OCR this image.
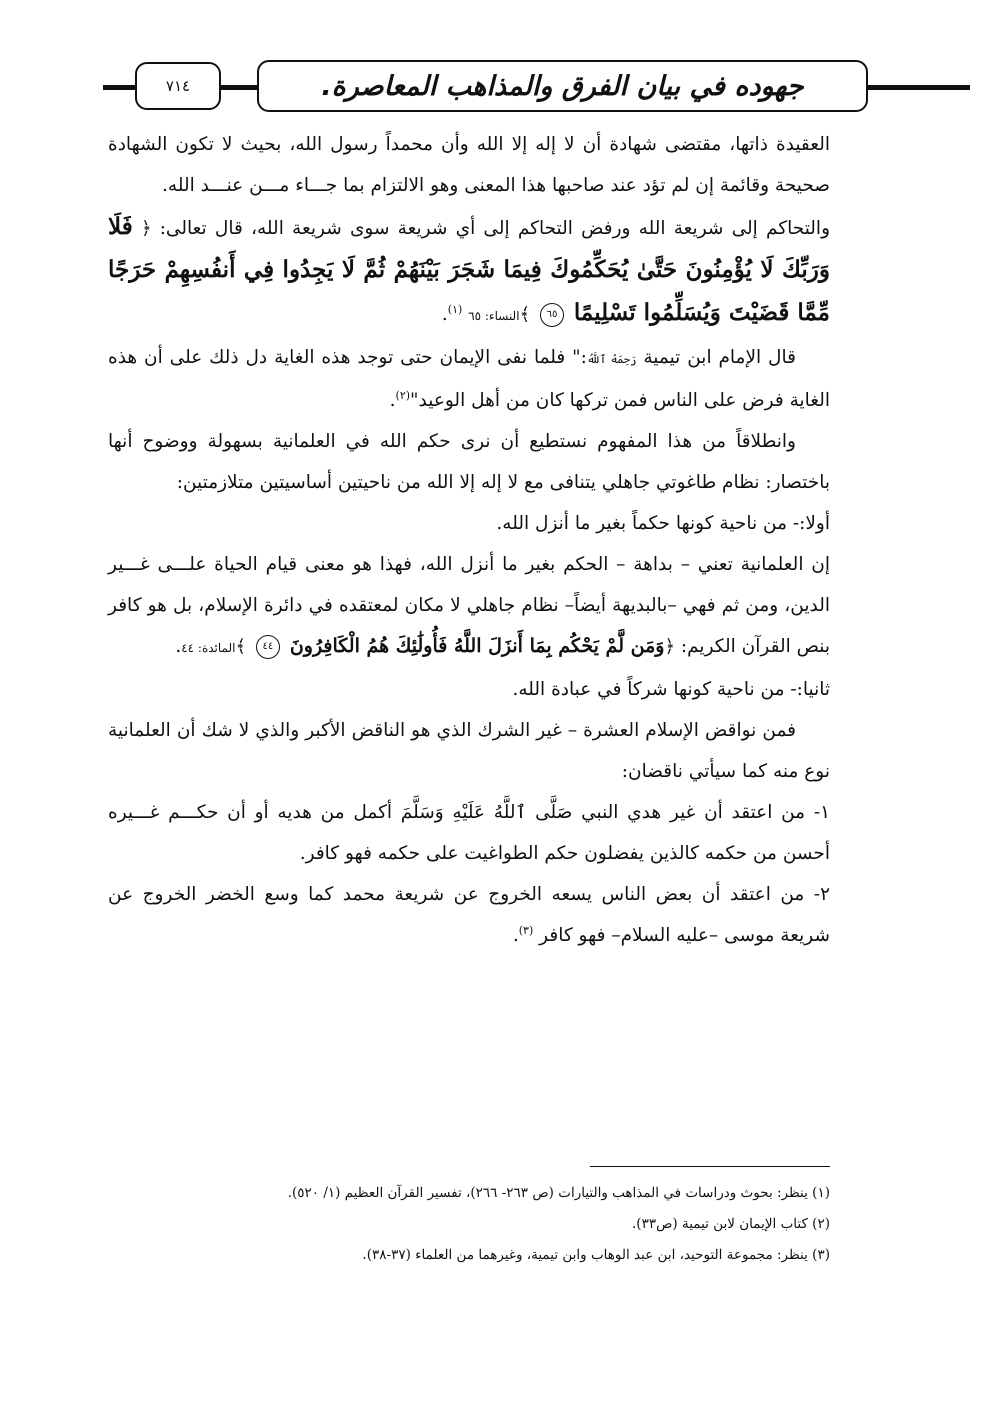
جهوده في بيان الفرق والمذاهب المعاصرة.
٧١٤

العقيدة ذاتها، مقتضى شهادة أن لا إله إلا الله وأن محمداً رسول الله، بحيث لا تكون الشهادة صحيحة وقائمة إن لم تؤد عند صاحبها هذا المعنى وهو الالتزام بما جـــاء مـــن عنـــد الله.

والتحاكم إلى شريعة الله ورفض التحاكم إلى أي شريعة سوى شريعة الله، قال تعالى: ﴿ فَلَا وَرَبِّكَ لَا يُؤْمِنُونَ حَتَّىٰ يُحَكِّمُوكَ فِيمَا شَجَرَ بَيْنَهُمْ ثُمَّ لَا يَجِدُوا فِي أَنفُسِهِمْ حَرَجًا مِّمَّا قَضَيْتَ وَيُسَلِّمُوا تَسْلِيمًا ٦٥ ﴾النساء: ٦٥ $^{(١)}$.

قال الإمام ابن تيمية رَحِمَهُ ٱللَّهُ:" فلما نفى الإيمان حتى توجد هذه الغاية دل ذلك على أن هذه الغاية فرض على الناس فمن تركها كان من أهل الوعيد"$^{(٢)}$.

وانطلاقاً من هذا المفهوم نستطيع أن نرى حكم الله في العلمانية بسهولة ووضوح أنها باختصار: نظام طاغوتي جاهلي يتنافى مع لا إله إلا الله من ناحيتين أساسيتين متلازمتين:

أولا:- من ناحية كونها حكماً بغير ما أنزل الله.

إن العلمانية تعني – بداهة – الحكم بغير ما أنزل الله، فهذا هو معنى قيام الحياة علـــى غـــير الدين، ومن ثم فهي –بالبديهة أيضاً– نظام جاهلي لا مكان لمعتقده في دائرة الإسلام، بل هو كافر بنص القرآن الكريم: ﴿وَمَن لَّمْ يَحْكُم بِمَا أَنزَلَ اللَّهُ فَأُولَٰئِكَ هُمُ الْكَافِرُونَ ٤٤ ﴾المائدة: ٤٤.

ثانيا:- من ناحية كونها شركاً في عبادة الله.

فمن نواقض الإسلام العشرة – غير الشرك الذي هو الناقض الأكبر والذي لا شك أن العلمانية نوع منه كما سيأتي ناقضان:

١- من اعتقد أن غير هدي النبي صَلَّى ٱللَّهُ عَلَيْهِ وَسَلَّمَ أكمل من هديه أو أن حكـــم غـــيره أحسن من حكمه كالذين يفضلون حكم الطواغيت على حكمه فهو كافر.

٢- من اعتقد أن بعض الناس يسعه الخروج عن شريعة محمد كما وسع الخضر الخروج عن شريعة موسى –عليه السلام– فهو كافر $^{(٣)}$.

(١) ينظر: بحوث ودراسات في المذاهب والتيارات (ص ٢٦٣- ٢٦٦)، تفسير القرآن العظيم (١/ ٥٢٠).

(٢) كتاب الإيمان لابن تيمية (ص٣٣).

(٣) ينظر: مجموعة التوحيد، ابن عبد الوهاب وابن تيمية، وغيرهما من العلماء (٣٧-٣٨).
